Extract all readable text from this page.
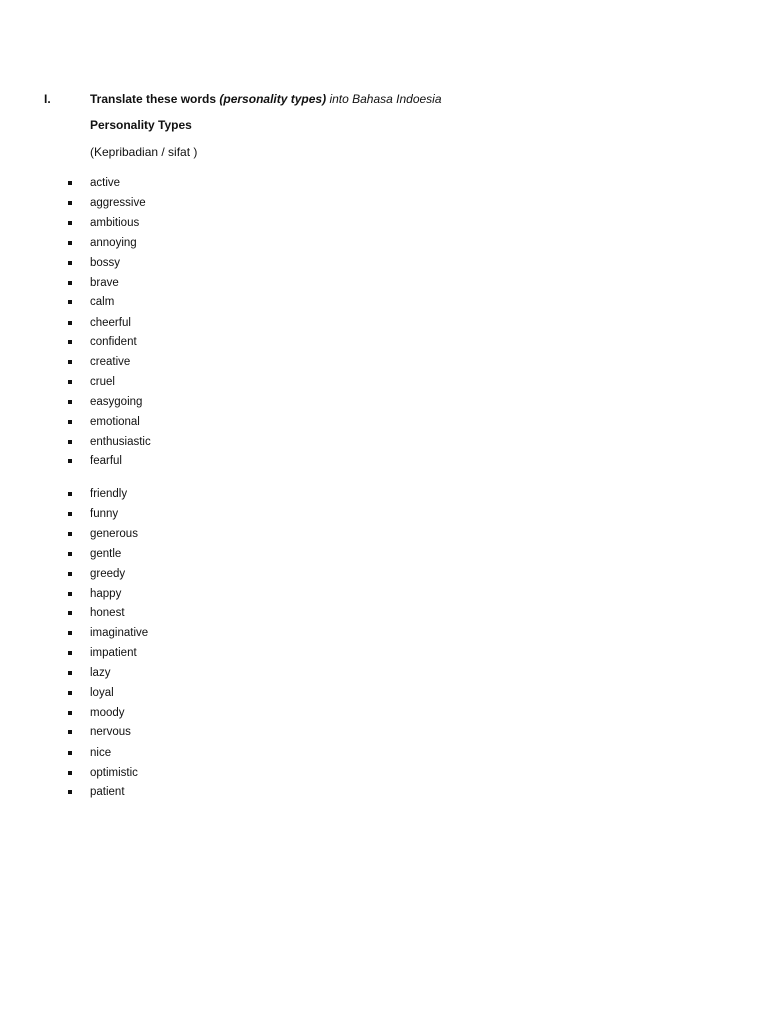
I.	Translate these words (personality types) into Bahasa Indoesia
Personality Types
(Kepribadian / sifat )
active
aggressive
ambitious
annoying
bossy
brave
calm
cheerful
confident
creative
cruel
easygoing
emotional
enthusiastic
fearful
friendly
funny
generous
gentle
greedy
happy
honest
imaginative
impatient
lazy
loyal
moody
nervous
nice
optimistic
patient
